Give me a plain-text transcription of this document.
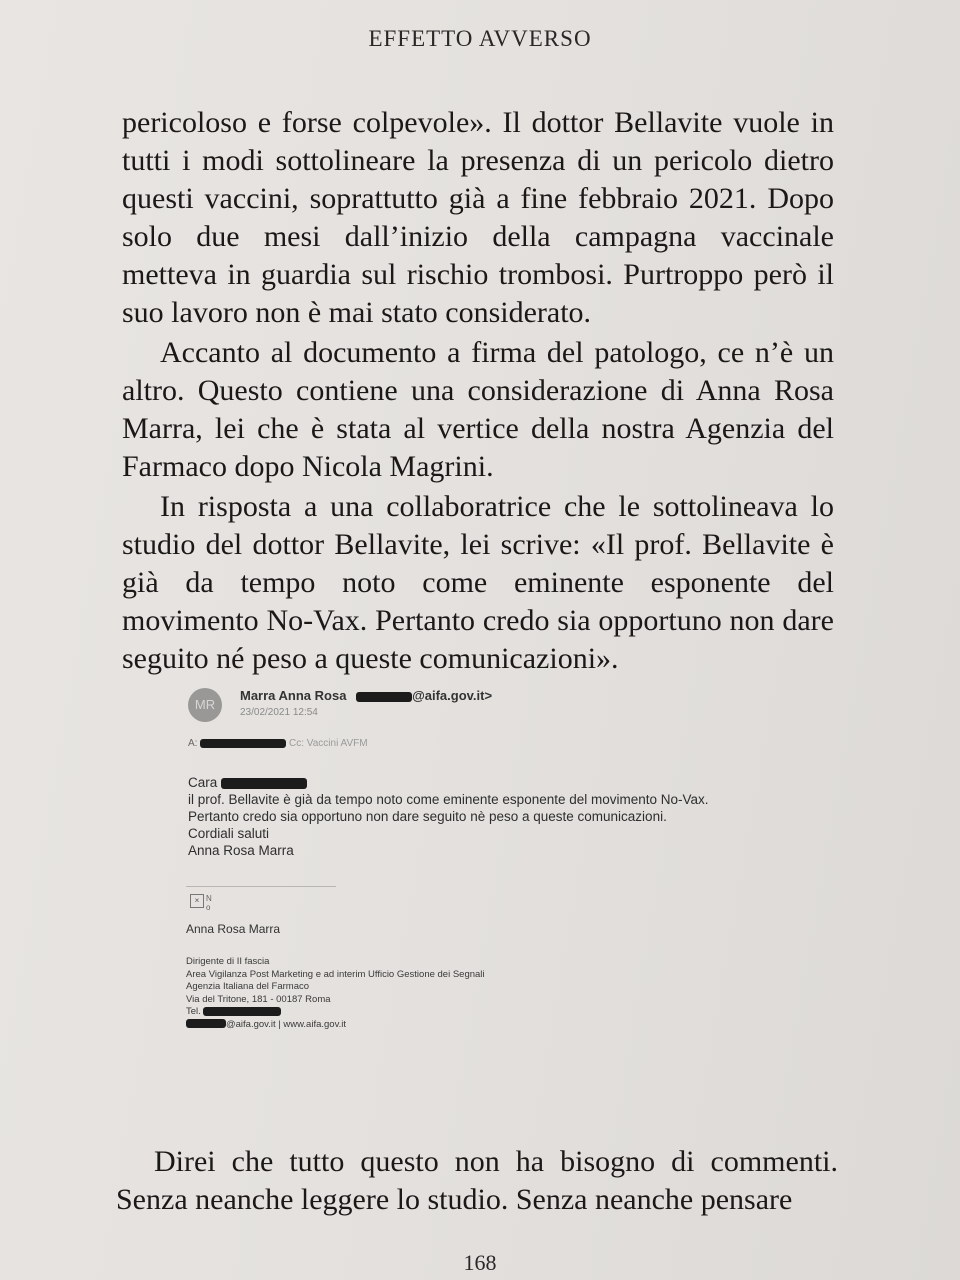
EFFETTO AVVERSO

pericoloso e forse colpevole». Il dottor Bellavite vuole in tutti i modi sottolineare la presenza di un pericolo dietro questi vaccini, soprattutto già a fine febbraio 2021. Dopo solo due mesi dall’inizio della campagna vaccinale metteva in guardia sul rischio trombosi. Purtroppo però il suo lavoro non è mai stato considerato.

Accanto al documento a firma del patologo, ce n’è un altro. Questo contiene una considerazione di Anna Rosa Marra, lei che è stata al vertice della nostra Agenzia del Farmaco dopo Nicola Magrini.

In risposta a una collaboratrice che le sottolineava lo studio del dottor Bellavite, lei scrive: «Il prof. Bellavite è già da tempo noto come eminente esponente del movimento No-Vax. Pertanto credo sia opportuno non dare seguito né peso a queste comunicazioni».

MR
Marra Anna Rosa	@aifa.gov.it>
23/02/2021 12:54
A:	Cc: Vaccini AVFM
Cara
il prof. Bellavite è già da tempo noto come eminente esponente del movimento No-Vax.
Pertanto credo sia opportuno non dare seguito nè peso a queste comunicazioni.
Cordiali saluti
Anna Rosa Marra
× N
o
Anna Rosa Marra
Dirigente di II fascia
Area Vigilanza Post Marketing e ad interim Ufficio Gestione dei Segnali
Agenzia Italiana del Farmaco
Via del Tritone, 181 - 00187 Roma
Tel.
@aifa.gov.it | www.aifa.gov.it

Direi che tutto questo non ha bisogno di commenti. Senza neanche leggere lo studio. Senza neanche pensare

168
